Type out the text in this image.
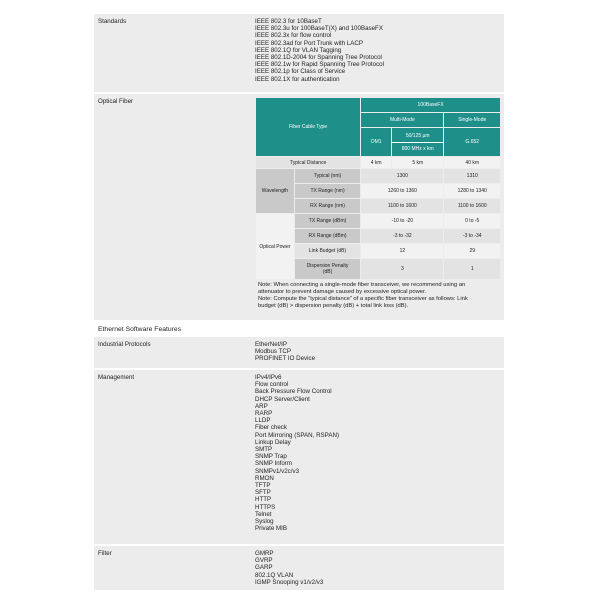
Standards	IEEE 802.3 for 10BaseT
IEEE 802.3u for 100BaseT(X) and 100BaseFX
IEEE 802.3x for flow control
IEEE 802.3ad for Port Trunk with LACP
IEEE 802.1Q for VLAN Tagging
IEEE 802.1D-2004 for Spanning Tree Protocol
IEEE 802.1w for Rapid Spanning Tree Protocol
IEEE 802.1p for Class of Service
IEEE 802.1X for authentication
Optical Fiber
Fiber Cable Type		100BaseFX		
		Multi-Mode		Single-Mode
		OM1	50/125 µm
800 MHz x km	G.652
Typical Distance		4 km	5 km	40 km
Wavelength	Typical (nm)	1300		1310
	TX Range (nm)	1260 to 1360		1280 to 1340
	RX Range (nm)	1100 to 1600		1100 to 1600
Optical Power	TX Range (dBm)	-10 to -20		0 to -5
	RX Range (dBm)	-3 to -32		-3 to -34
	Link Budget (dB)	12		29

	Dispersion Penalty
(dB)	3		1
Note: When connecting a single-mode fiber transceiver, we recommend using an
attenuator to prevent damage caused by excessive optical power.
Note: Compute the “typical distance” of a specific fiber transceiver as follows: Link
budget (dB) > dispersion penalty (dB) + total link loss (dB).
Ethernet Software Features
Industrial Protocols	EtherNet/IP
Modbus TCP
PROFINET IO Device
Management	IPv4/IPv6
Flow control
Back Pressure Flow Control
DHCP Server/Client
ARP
RARP
LLDP
Fiber check
Port Mirroring (SPAN, RSPAN)
Linkup Delay
SMTP
SNMP Trap
SNMP Inform
SNMPv1/v2c/v3
RMON
TFTP
SFTP
HTTP
HTTPS
Telnet
Syslog
Private MIB
Filter	GMRP
GVRP
GARP
802.1Q VLAN
IGMP Snooping v1/v2/v3
